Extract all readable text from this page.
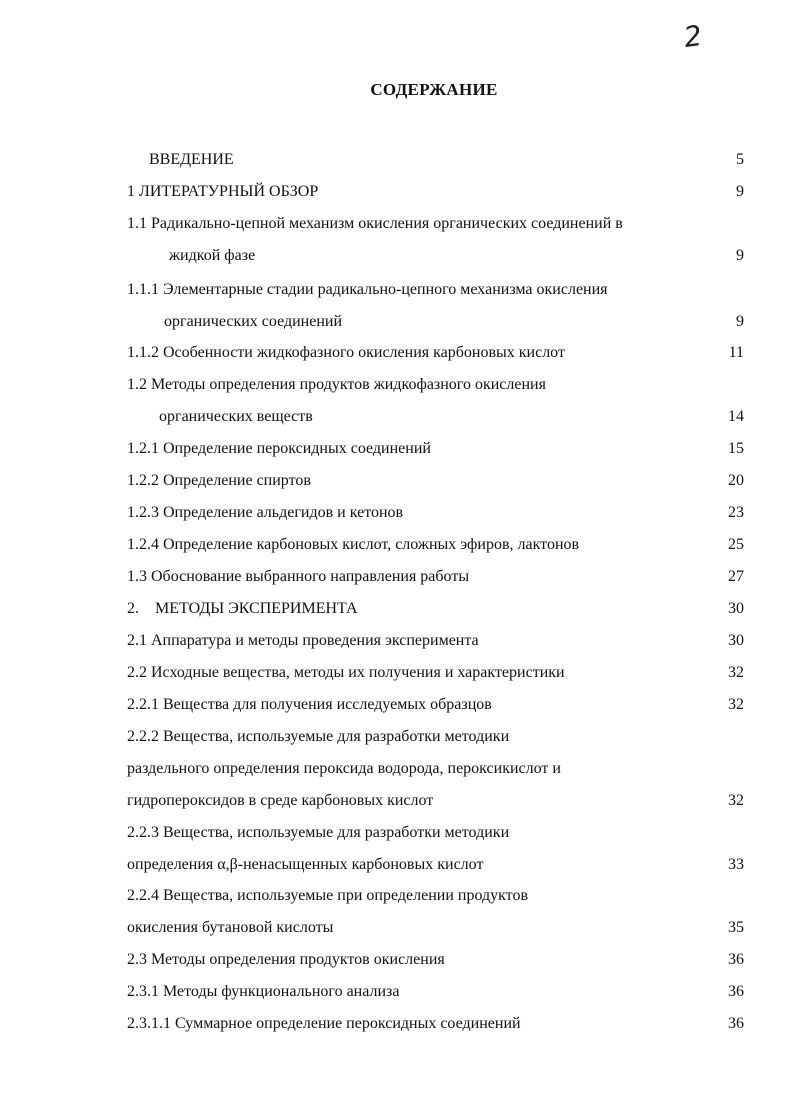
2
СОДЕРЖАНИЕ
ВВЕДЕНИЕ	5
1 ЛИТЕРАТУРНЫЙ ОБЗОР	9
1.1 Радикально-цепной механизм окисления органических соединений в
жидкой фазе	9
1.1.1 Элементарные стадии радикально-цепного механизма окисления
органических соединений	9
1.1.2 Особенности жидкофазного окисления карбоновых кислот	11
1.2 Методы определения продуктов жидкофазного окисления
органических веществ	14
1.2.1 Определение пероксидных соединений	15
1.2.2 Определение спиртов	20
1.2.3 Определение альдегидов и кетонов	23
1.2.4 Определение карбоновых кислот, сложных эфиров, лактонов	25
1.3 Обоснование выбранного направления работы	27
2.    МЕТОДЫ ЭКСПЕРИМЕНТА	30
2.1 Аппаратура и методы проведения эксперимента	30
2.2 Исходные вещества, методы их получения и характеристики	32
2.2.1 Вещества для получения исследуемых образцов	32
2.2.2 Вещества, используемые для разработки методики
раздельного определения пероксида водорода, пероксикислот и
гидропероксидов в среде карбоновых кислот	32
2.2.3 Вещества, используемые для разработки методики
определения α,β-ненасыщенных карбоновых кислот	33
2.2.4 Вещества, используемые при определении продуктов
окисления бутановой кислоты	35
2.3 Методы определения продуктов окисления	36
2.3.1 Методы функционального анализа	36
2.3.1.1 Суммарное определение пероксидных соединений	36
